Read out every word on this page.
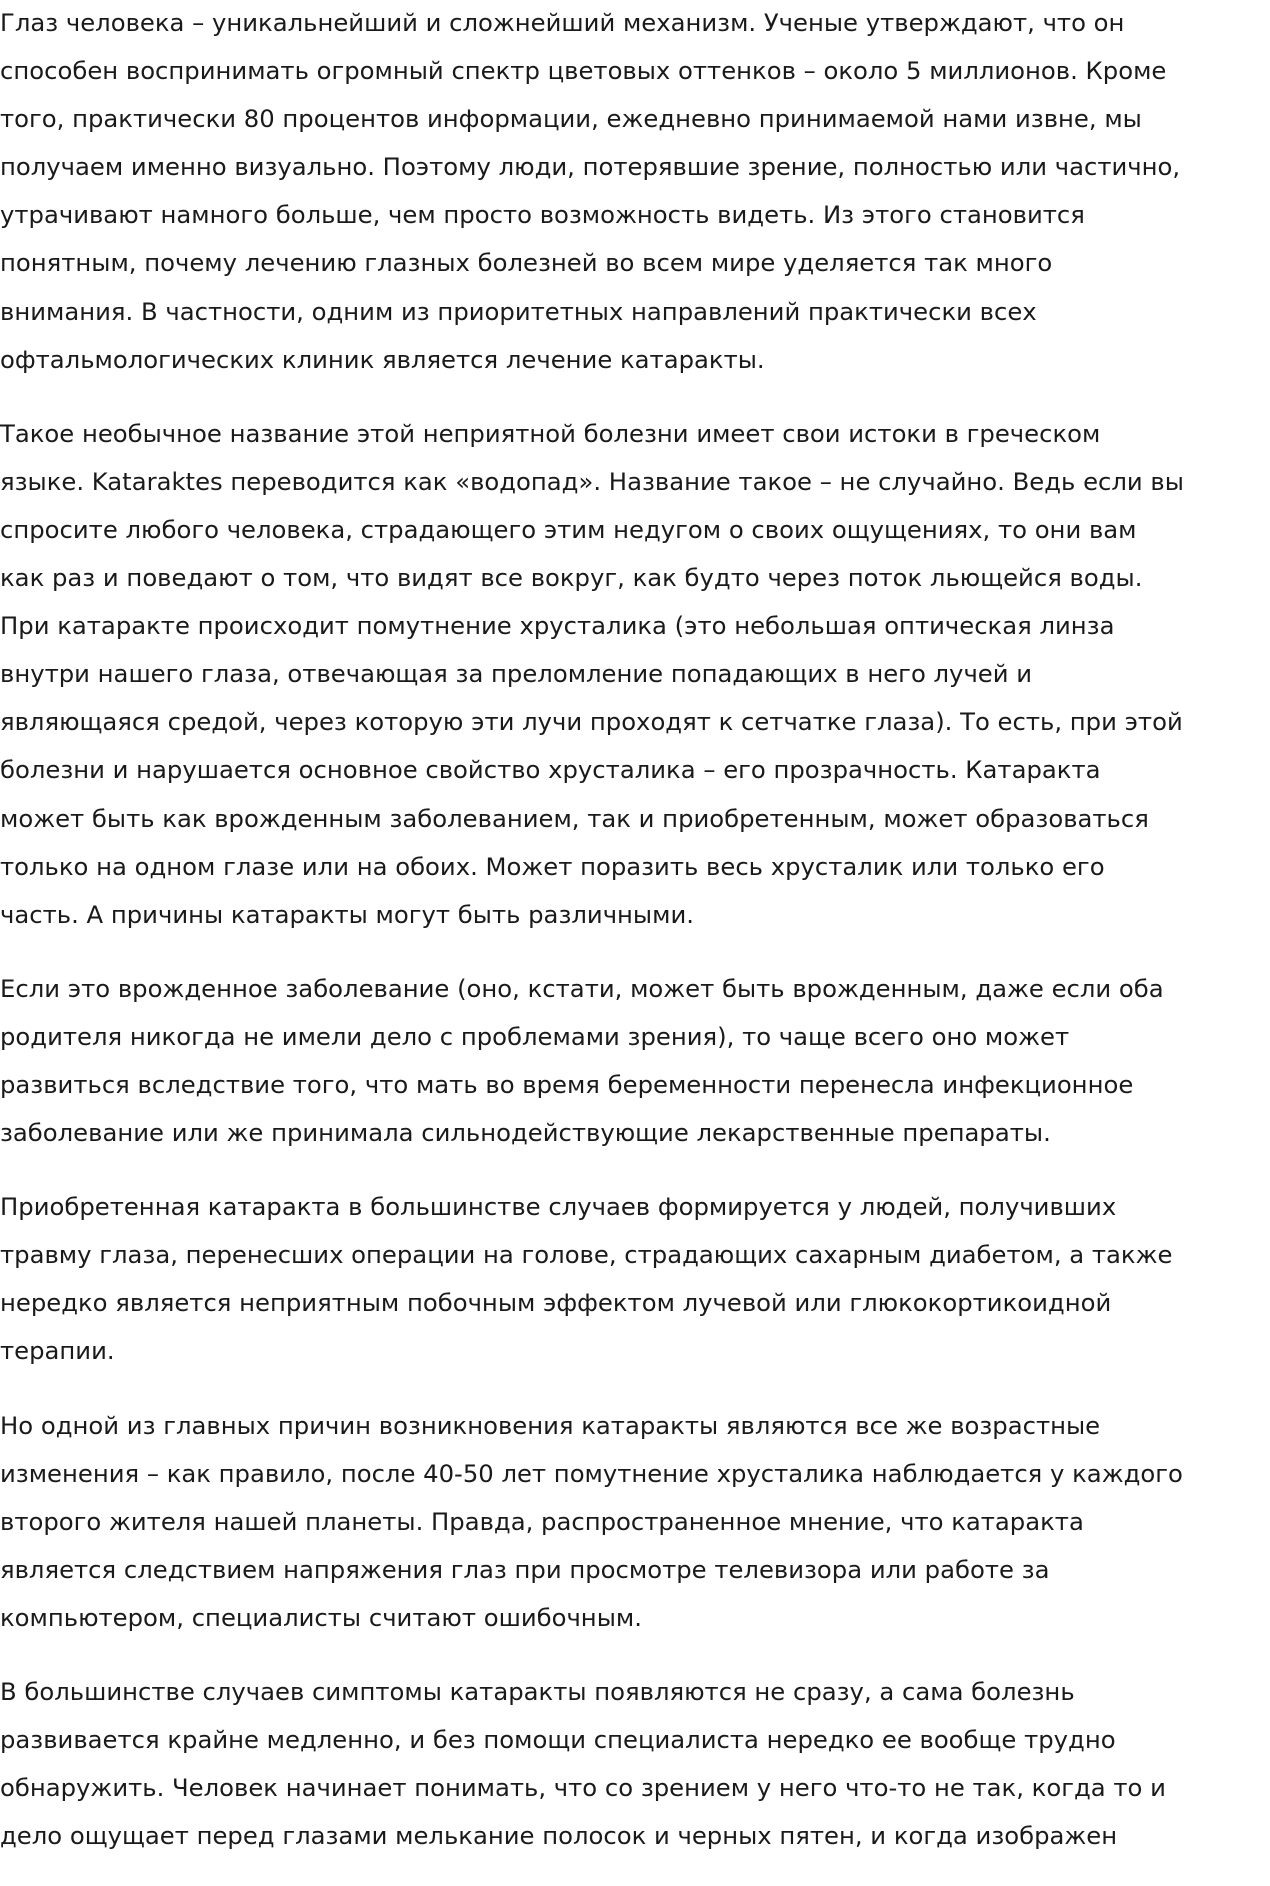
Глаз человека – уникальнейший и сложнейший механизм. Ученые утверждают, что он
способен воспринимать огромный спектр цветовых оттенков – около 5 миллионов. Кроме
того, практически 80 процентов информации, ежедневно принимаемой нами извне, мы
получаем именно визуально. Поэтому люди, потерявшие зрение, полностью или частично,
утрачивают намного больше, чем просто возможность видеть. Из этого становится
понятным, почему лечению глазных болезней во всем мире уделяется так много
внимания. В частности, одним из приоритетных направлений практически всех
офтальмологических клиник является лечение катаракты.

Такое необычное название этой неприятной болезни имеет свои истоки в греческом
языке. Kataraktes переводится как «водопад». Название такое – не случайно. Ведь если вы
спросите любого человека, страдающего этим недугом о своих ощущениях, то они вам
как раз и поведают о том, что видят все вокруг, как будто через поток льющейся воды.
При катаракте происходит помутнение хрусталика (это небольшая оптическая линза
внутри нашего глаза, отвечающая за преломление попадающих в него лучей и
являющаяся средой, через которую эти лучи проходят к сетчатке глаза). То есть, при этой
болезни и нарушается основное свойство хрусталика – его прозрачность. Катаракта
может быть как врожденным заболеванием, так и приобретенным, может образоваться
только на одном глазе или на обоих. Может поразить весь хрусталик или только его
часть. А причины катаракты могут быть различными.

Если это врожденное заболевание (оно, кстати, может быть врожденным, даже если оба
родителя никогда не имели дело с проблемами зрения), то чаще всего оно может
развиться вследствие того, что мать во время беременности перенесла инфекционное
заболевание или же принимала сильнодействующие лекарственные препараты.

Приобретенная катаракта в большинстве случаев формируется у людей, получивших
травму глаза, перенесших операции на голове, страдающих сахарным диабетом, а также
нередко является неприятным побочным эффектом лучевой или глюкокортикоидной
терапии.

Но одной из главных причин возникновения катаракты являются все же возрастные
изменения – как правило, после 40-50 лет помутнение хрусталика наблюдается у каждого
второго жителя нашей планеты. Правда, распространенное мнение, что катаракта
является следствием напряжения глаз при просмотре телевизора или работе за
компьютером, специалисты считают ошибочным.

В большинстве случаев симптомы катаракты появляются не сразу, а сама болезнь
развивается крайне медленно, и без помощи специалиста нередко ее вообще трудно
обнаружить. Человек начинает понимать, что со зрением у него что-то не так, когда то и
дело ощущает перед глазами мелькание полосок и черных пятен, и когда изображен
